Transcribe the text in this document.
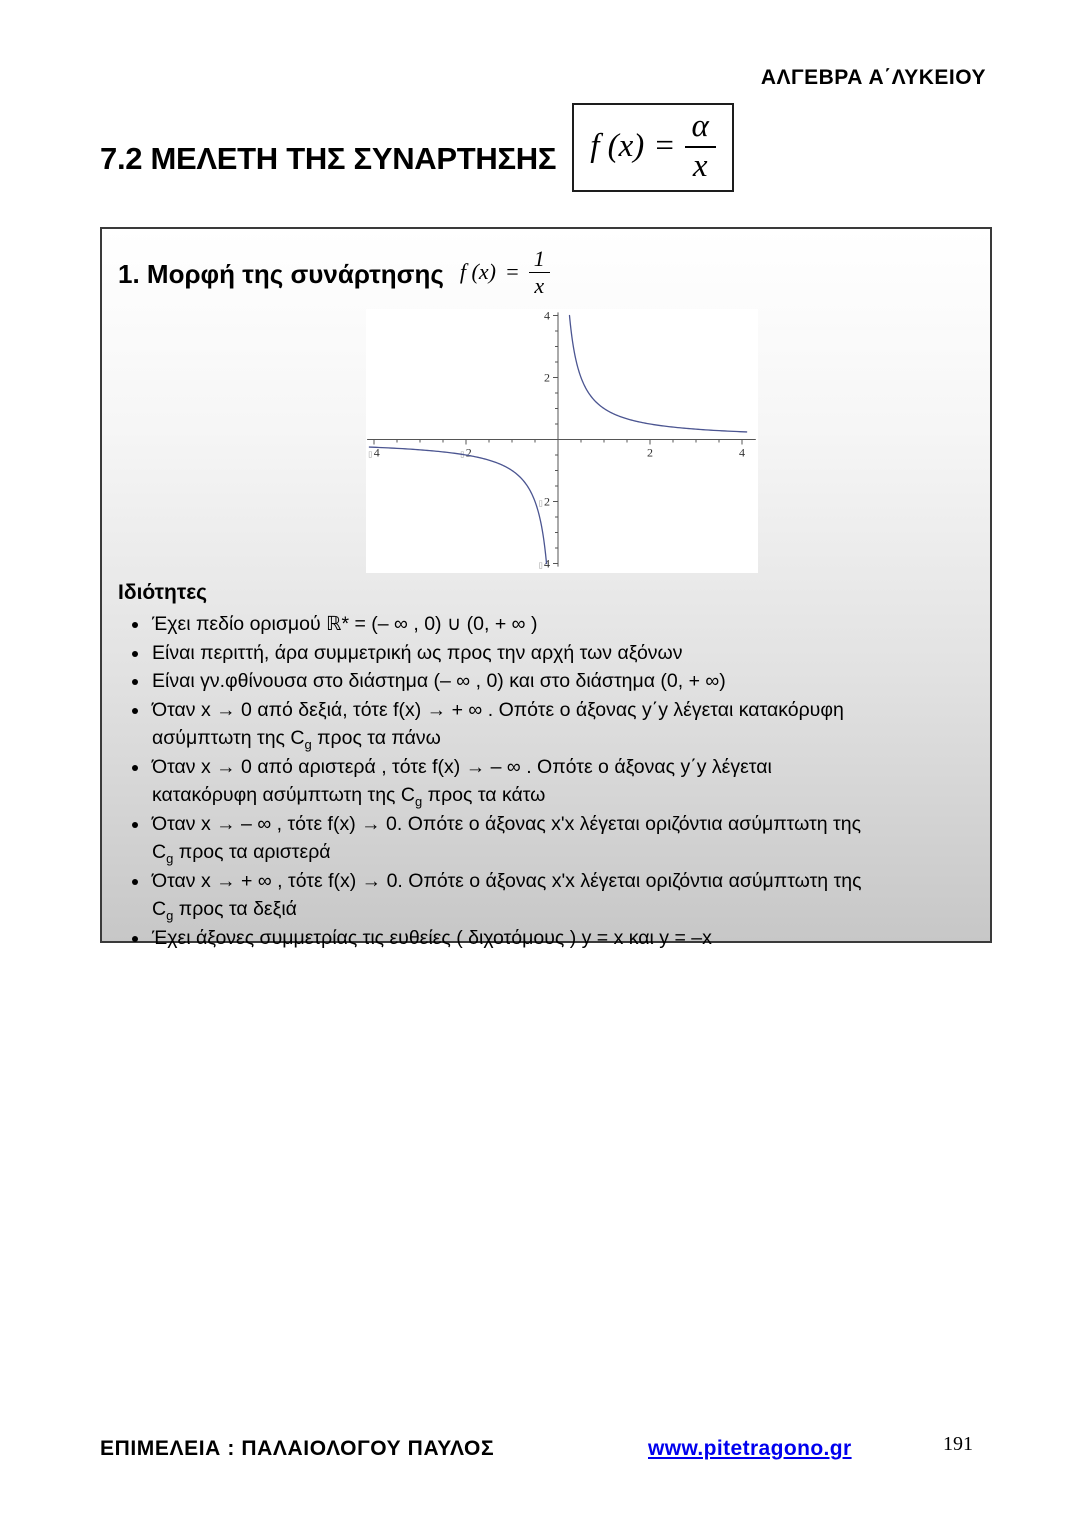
ΑΛΓΕΒΡΑ Α΄ΛΥΚΕΙΟΥ
7.2 ΜΕΛΕΤΗ ΤΗΣ ΣΥΝΑΡΤΗΣΗΣ f $(x) = \frac{\alpha}{x}$
1. Μορφή της συνάρτησης f $(x) = \frac{1}{x}$
▯4	▯2	2	4
▯4
▯2
2
4
Ιδιότητες
• Έχει πεδίο ορισμού ℝ* = (– ∞ , 0) ∪ (0, + ∞ )
• Είναι περιττή, άρα συμμετρική ως προς την αρχή των αξόνων
• Είναι γν.φθίνουσα στο διάστημα (– ∞ , 0) και στο διάστημα (0, + ∞)
• Όταν x → 0 από δεξιά, τότε f(x) → + ∞ . Οπότε ο άξονας y΄y λέγεται κατακόρυφη
ασύμπτωτη της $C_g$ προς τα πάνω
• Όταν x → 0 από αριστερά , τότε f(x) → – ∞ . Οπότε ο άξονας y΄y λέγεται
κατακόρυφη ασύμπτωτη της $C_g$ προς τα κάτω
• Όταν x → – ∞ , τότε f(x) → 0. Οπότε ο άξονας x'x λέγεται οριζόντια ασύμπτωτη της
$C_g$ προς τα αριστερά
• Όταν x → + ∞ , τότε f(x) → 0. Οπότε ο άξονας x'x λέγεται οριζόντια ασύμπτωτη της
$C_g$ προς τα δεξιά
• Έχει άξονες συμμετρίας τις ευθείες ( διχοτόμους ) y = x και y = –x
ΕΠΙΜΕΛΕΙΑ : ΠΑΛΑΙΟΛΟΓΟΥ ΠΑΥΛΟΣ	www.pitetragono.gr	191
